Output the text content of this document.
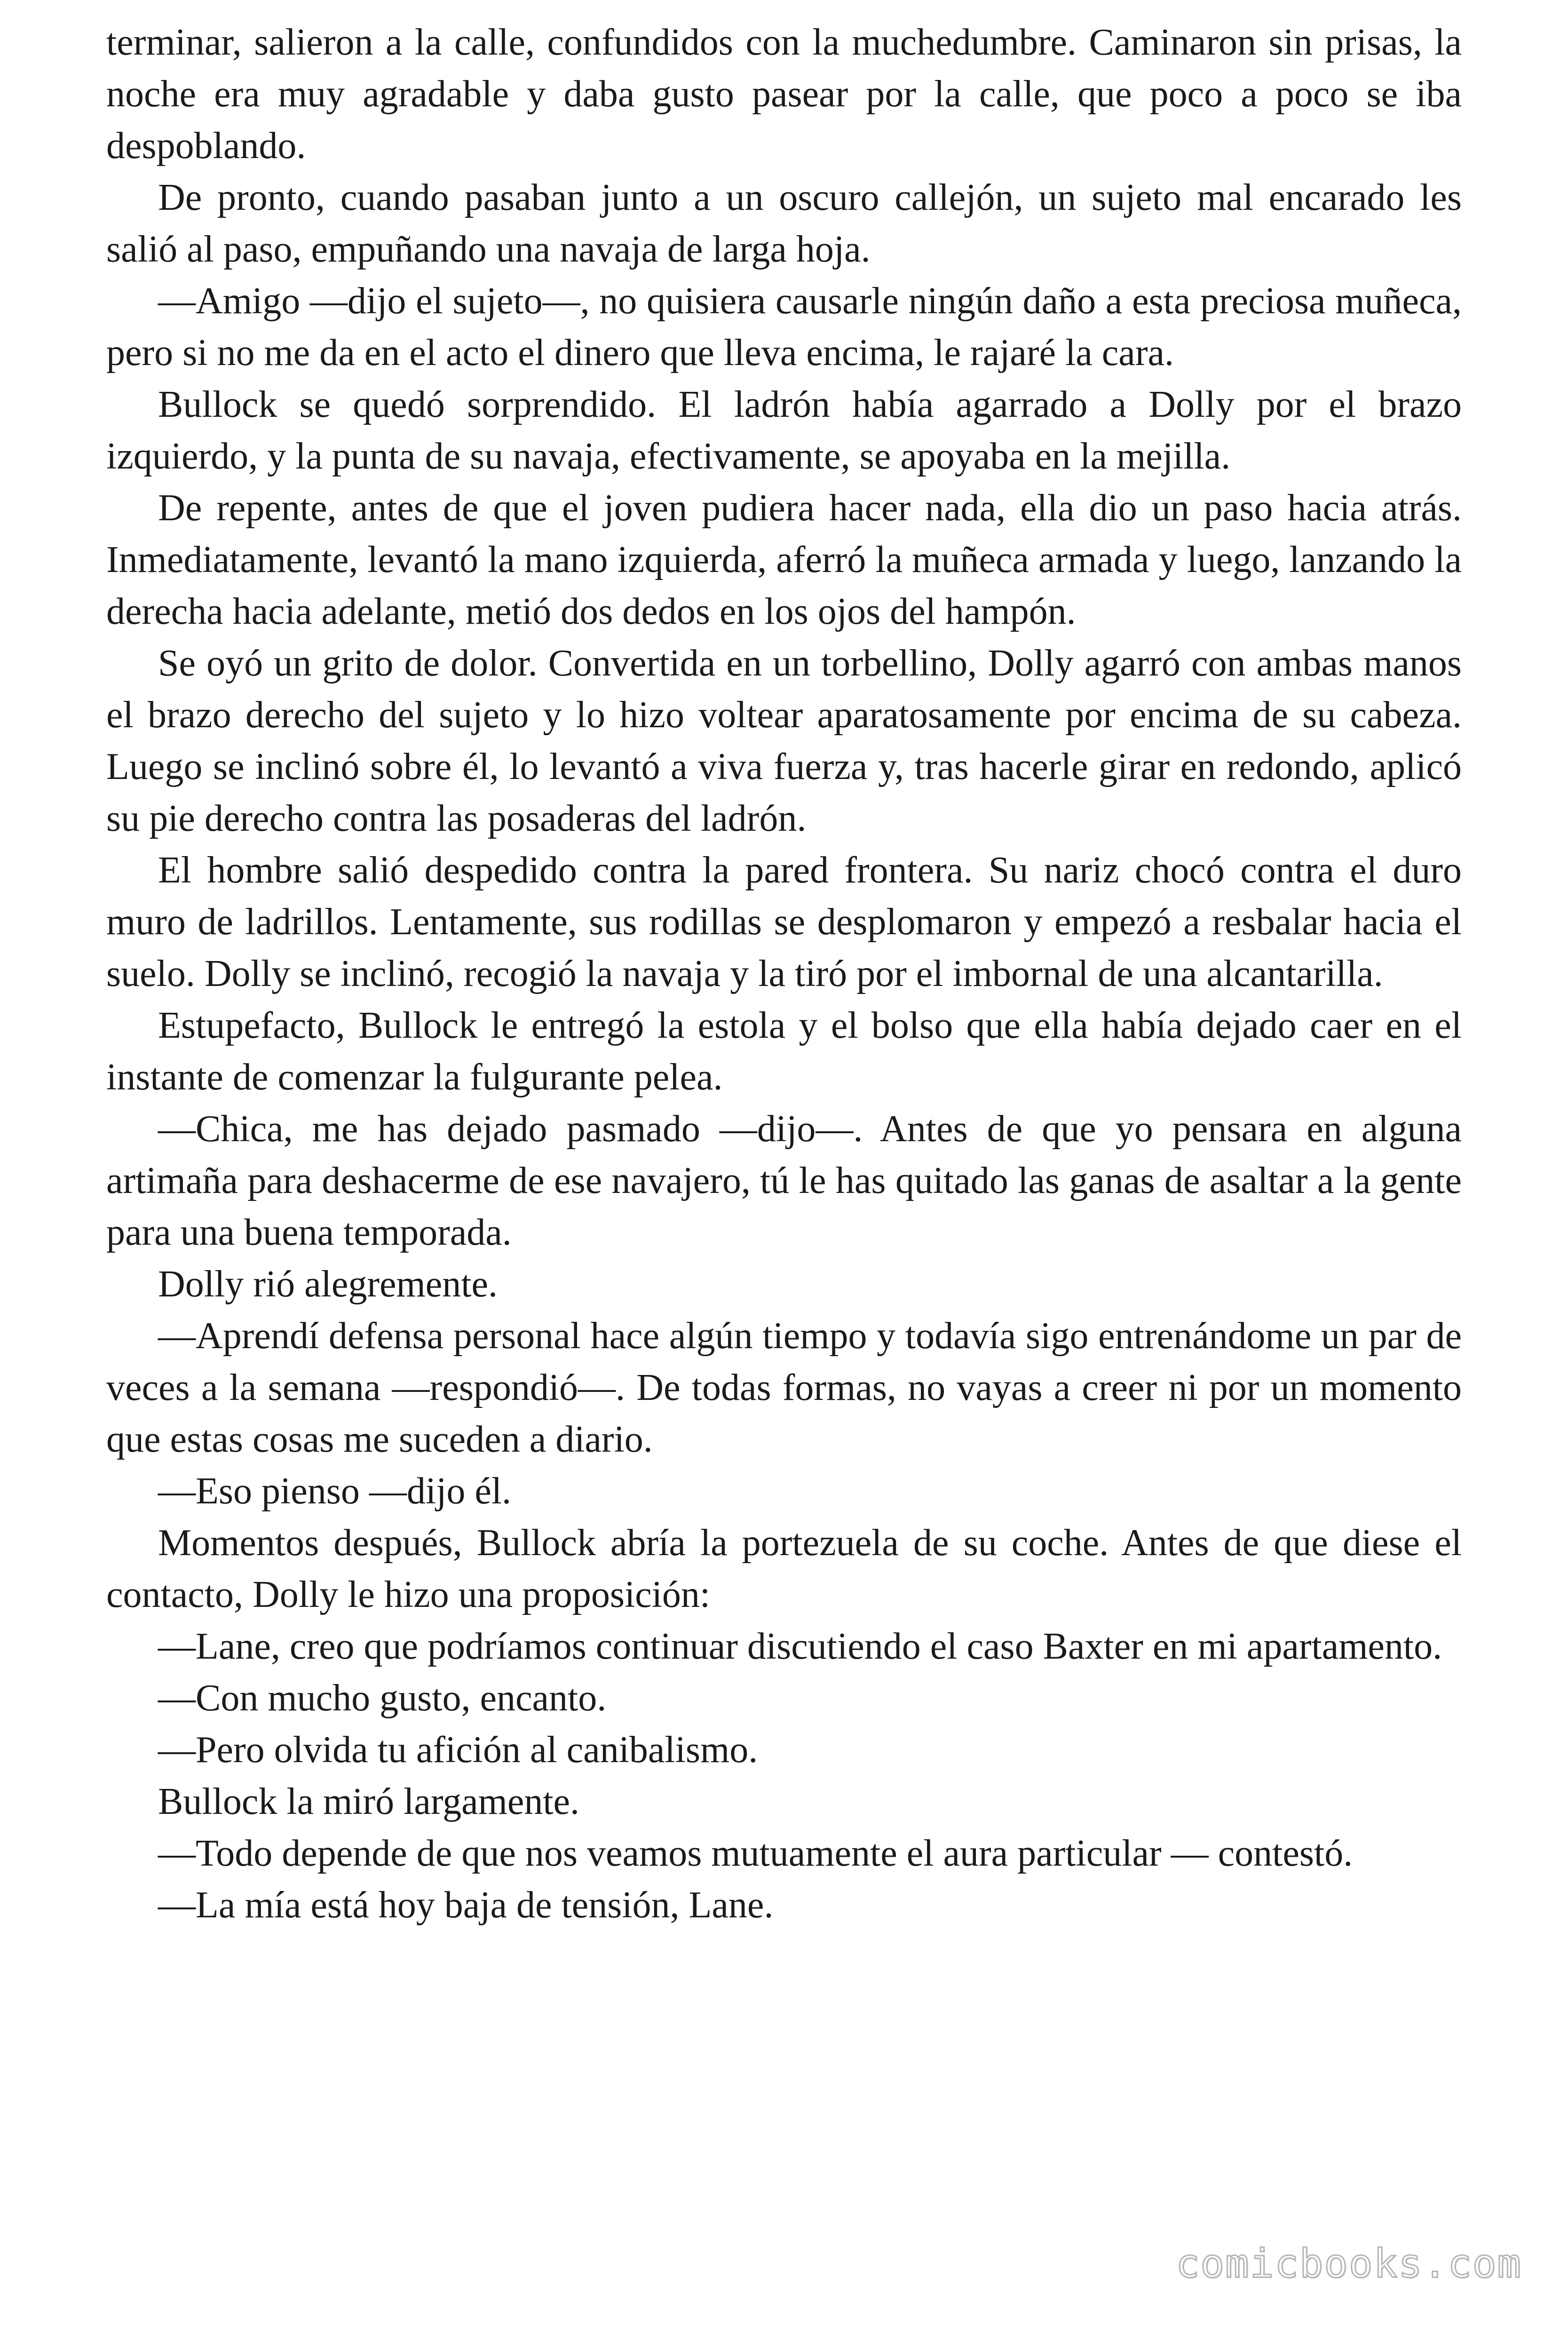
terminar, salieron a la calle, confundidos con la muchedumbre. Caminaron sin prisas, la noche era muy agradable y daba gusto pasear por la calle, que poco a poco se iba despoblando.

De pronto, cuando pasaban junto a un oscuro callejón, un sujeto mal encarado les salió al paso, empuñando una navaja de larga hoja.

—Amigo —dijo el sujeto—, no quisiera causarle ningún daño a esta preciosa muñeca, pero si no me da en el acto el dinero que lleva encima, le rajaré la cara.

Bullock se quedó sorprendido. El ladrón había agarrado a Dolly por el brazo izquierdo, y la punta de su navaja, efectivamente, se apoyaba en la mejilla.

De repente, antes de que el joven pudiera hacer nada, ella dio un paso hacia atrás. Inmediatamente, levantó la mano izquierda, aferró la muñeca armada y luego, lanzando la derecha hacia adelante, metió dos dedos en los ojos del hampón.

Se oyó un grito de dolor. Convertida en un torbellino, Dolly agarró con ambas manos el brazo derecho del sujeto y lo hizo voltear aparatosamente por encima de su cabeza. Luego se inclinó sobre él, lo levantó a viva fuerza y, tras hacerle girar en redondo, aplicó su pie derecho contra las posaderas del ladrón.

El hombre salió despedido contra la pared frontera. Su nariz chocó contra el duro muro de ladrillos. Lentamente, sus rodillas se desplomaron y empezó a resbalar hacia el suelo. Dolly se inclinó, recogió la navaja y la tiró por el imbornal de una alcantarilla.

Estupefacto, Bullock le entregó la estola y el bolso que ella había dejado caer en el instante de comenzar la fulgurante pelea.

—Chica, me has dejado pasmado —dijo—. Antes de que yo pensara en alguna artimaña para deshacerme de ese navajero, tú le has quitado las ganas de asaltar a la gente para una buena temporada.

Dolly rió alegremente.

—Aprendí defensa personal hace algún tiempo y todavía sigo entrenándome un par de veces a la semana —respondió—. De todas formas, no vayas a creer ni por un momento que estas cosas me suceden a diario.

—Eso pienso —dijo él.

Momentos después, Bullock abría la portezuela de su coche. Antes de que diese el contacto, Dolly le hizo una proposición:

—Lane, creo que podríamos continuar discutiendo el caso Baxter en mi apartamento.

—Con mucho gusto, encanto.

—Pero olvida tu afición al canibalismo.

Bullock la miró largamente.

—Todo depende de que nos veamos mutuamente el aura particular — contestó.

—La mía está hoy baja de tensión, Lane.

comicbooks.com
